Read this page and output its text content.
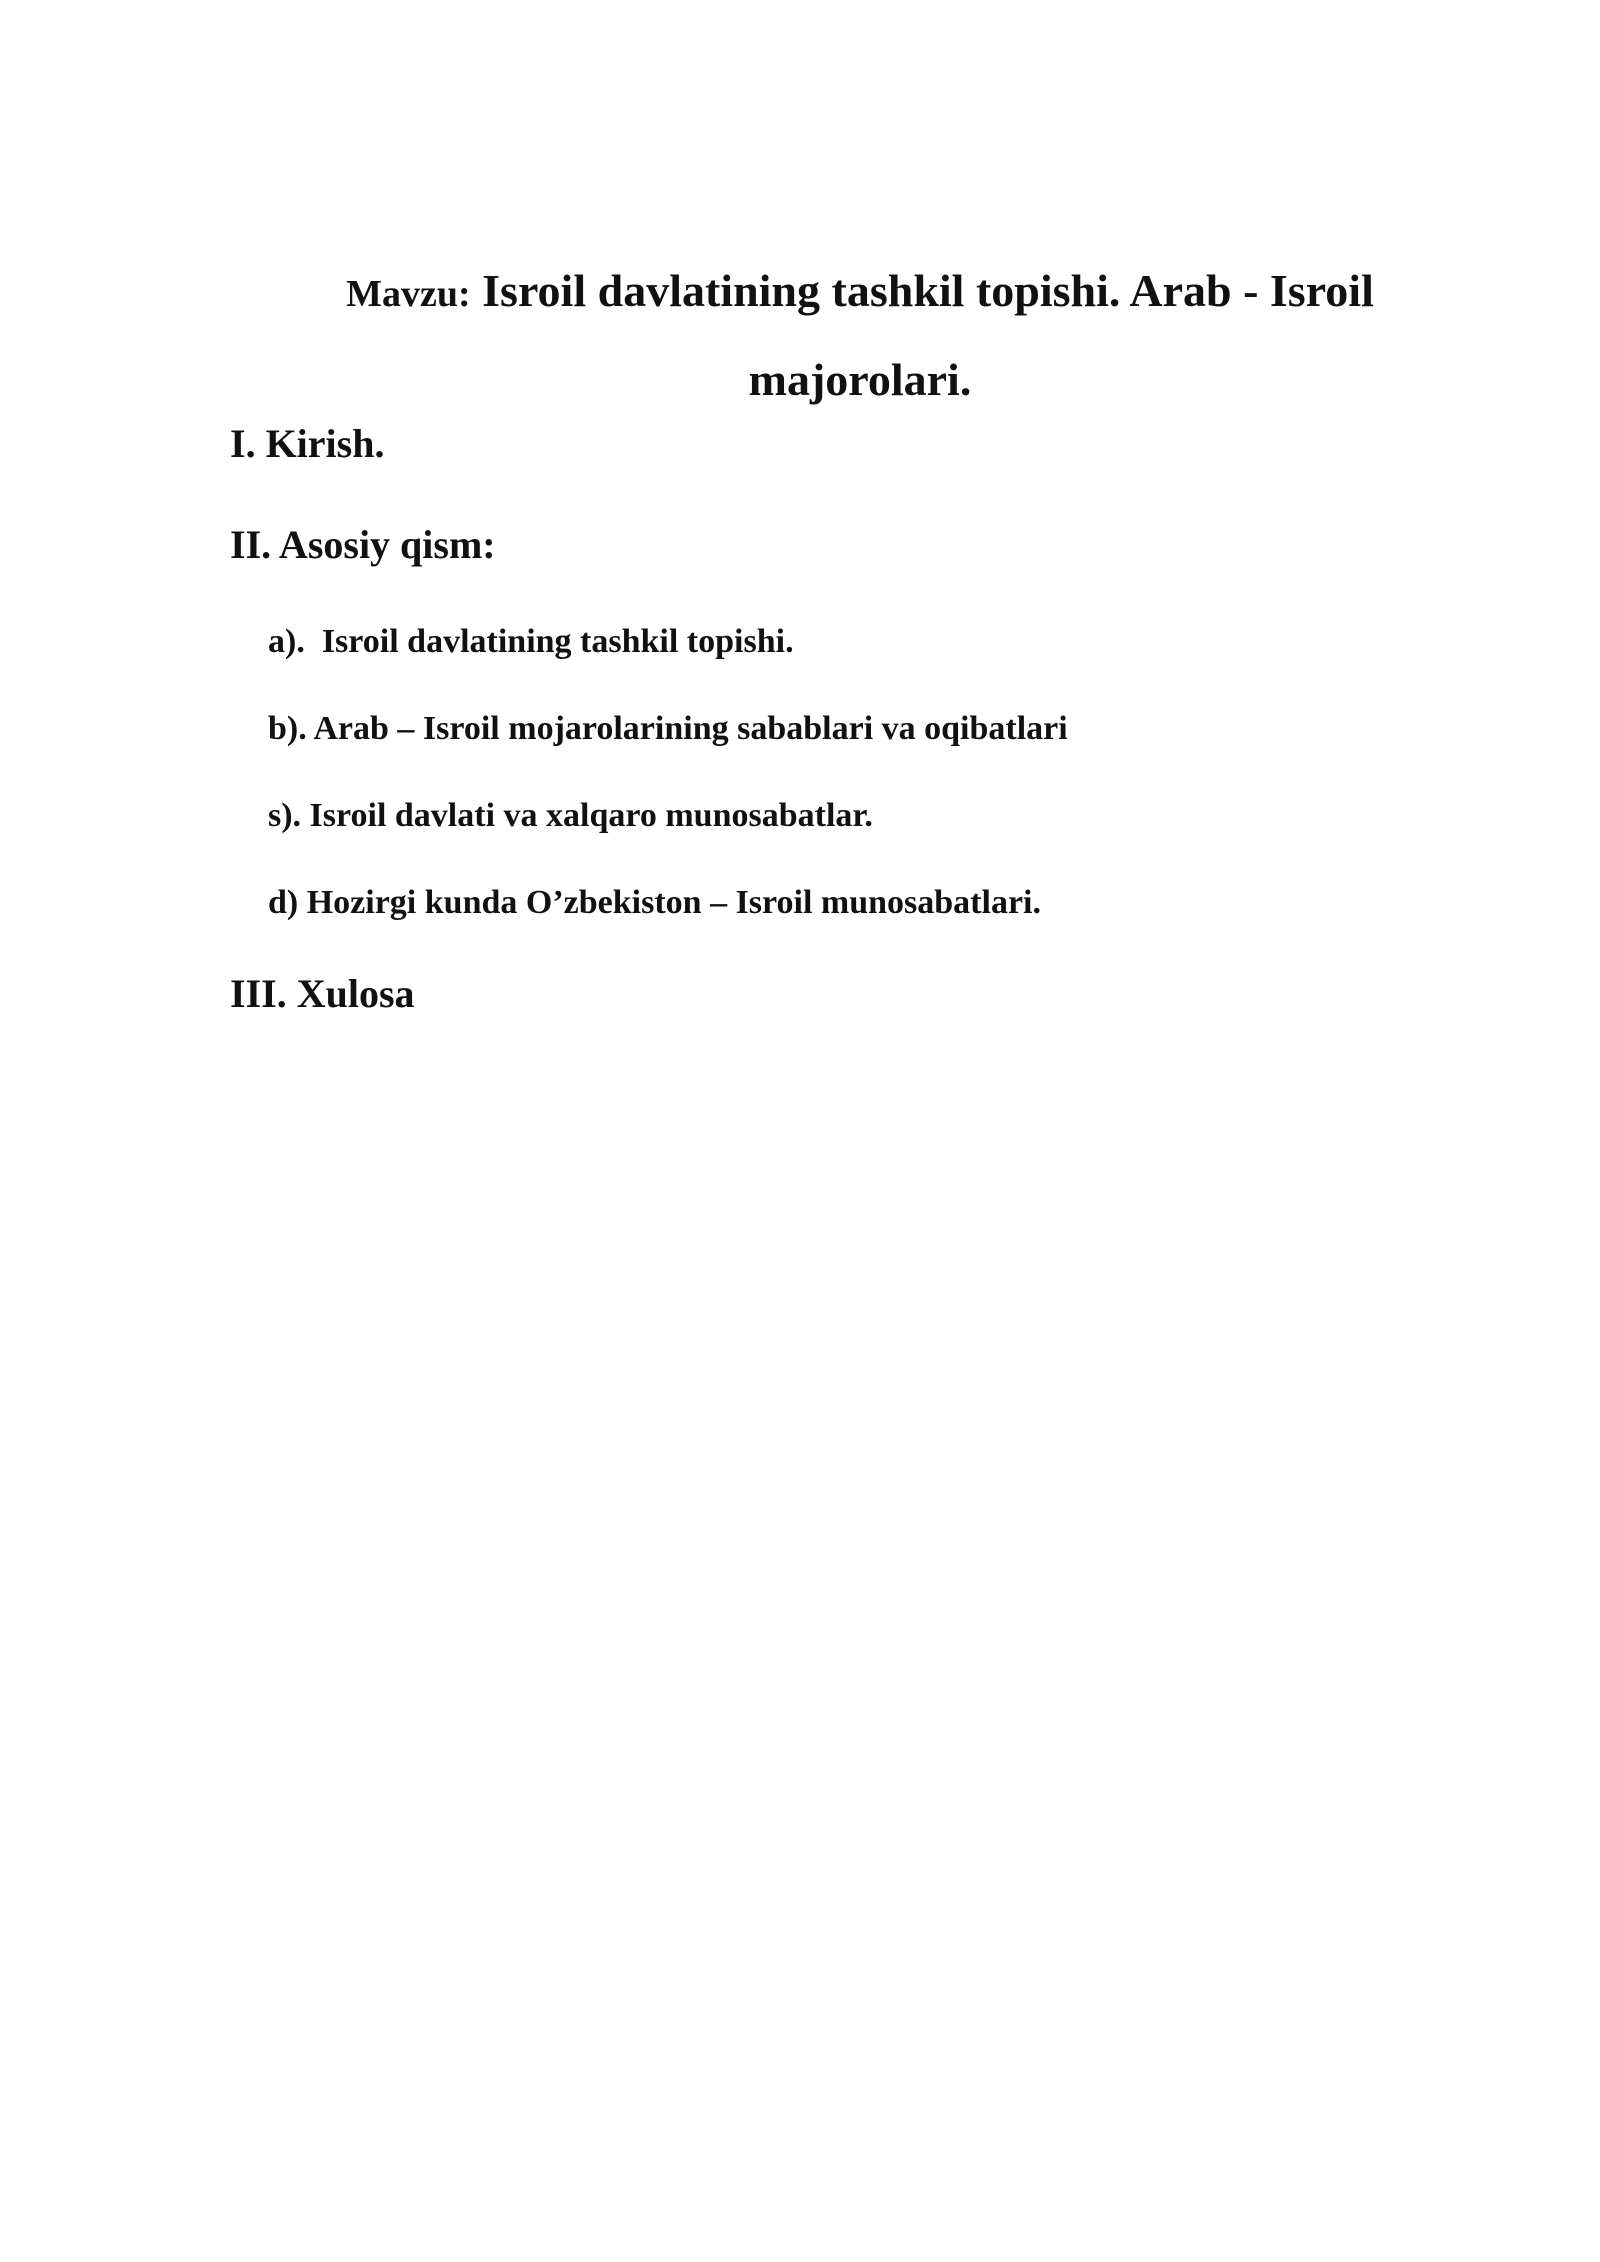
Mavzu: Isroil davlatining tashkil topishi. Arab - Isroil majorolari.

I. Kirish.

II. Asosiy qism:

a).  Isroil davlatining tashkil topishi.

b). Arab – Isroil mojarolarining sabablari va oqibatlari

s). Isroil davlati va xalqaro munosabatlar.

d) Hozirgi kunda O’zbekiston – Isroil munosabatlari.

III. Xulosa
